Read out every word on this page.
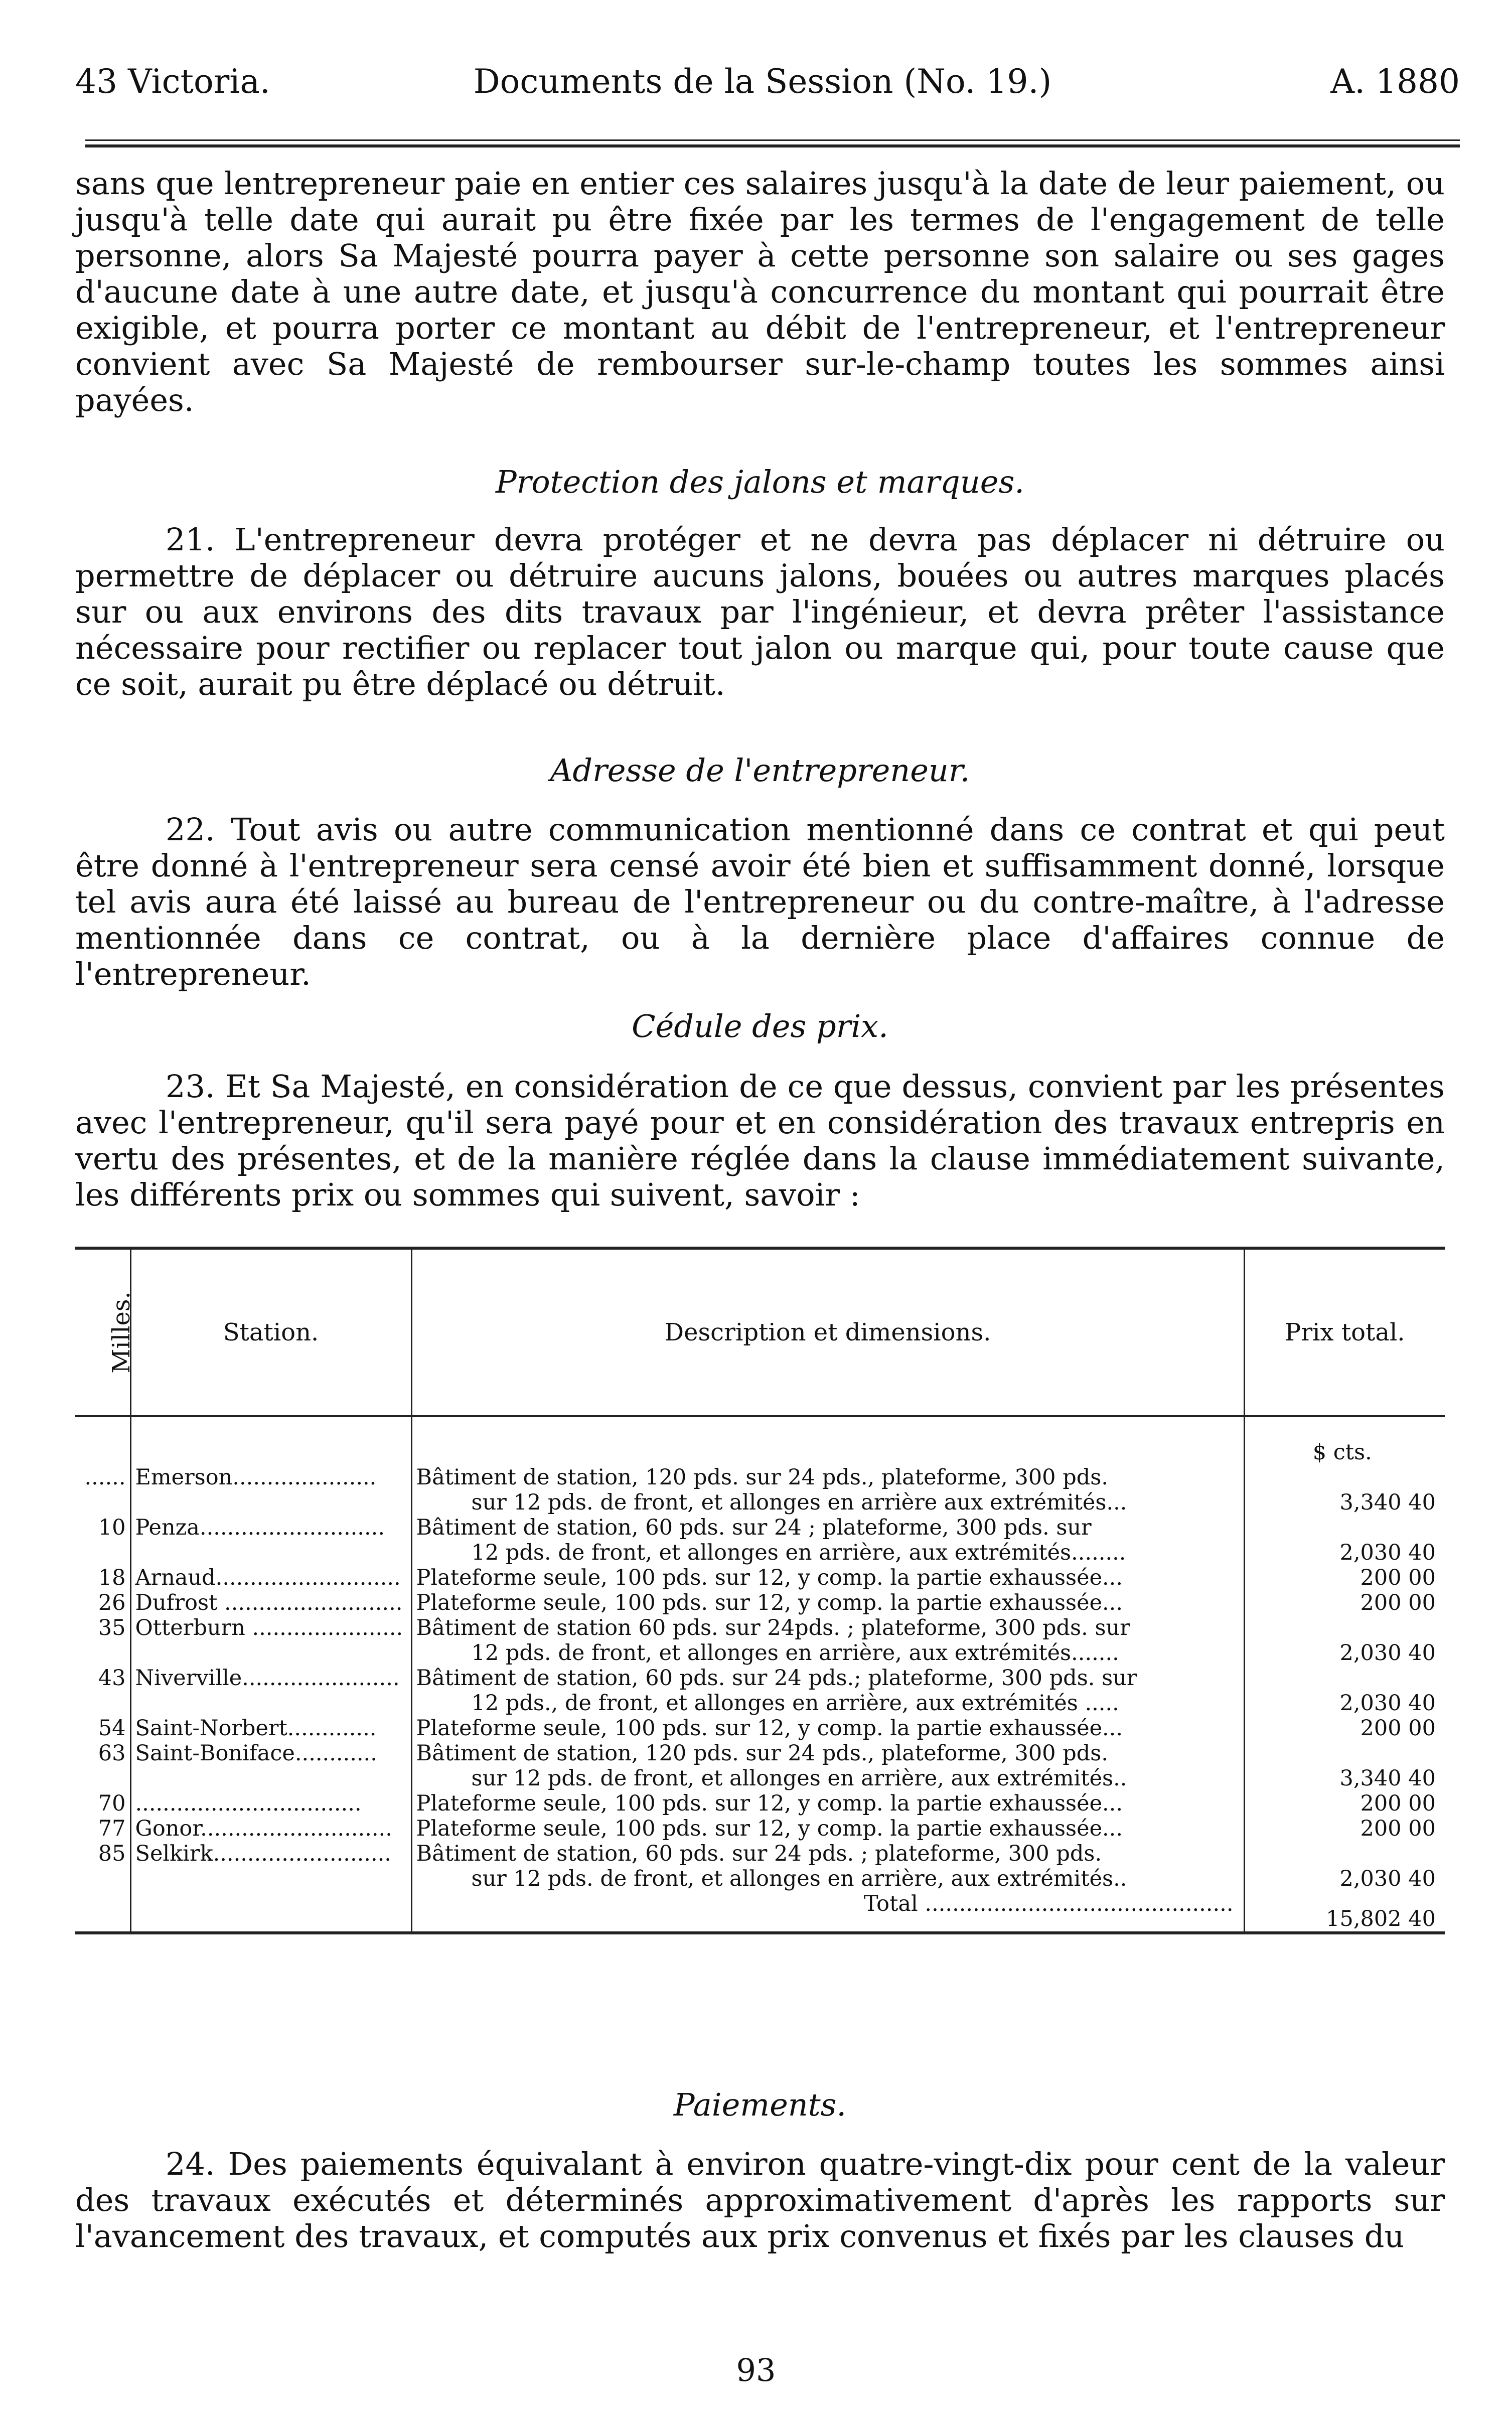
43 Victoria.	Documents de la Session (No. 19.)	A. 1880

sans que lentrepreneur paie en entier ces salaires jusqu'à la date de leur paiement, ou jusqu'à telle date qui aurait pu être fixée par les termes de l'engagement de telle personne, alors Sa Majesté pourra payer à cette personne son salaire ou ses gages d'aucune date à une autre date, et jusqu'à concurrence du montant qui pourrait être exigible, et pourra porter ce montant au débit de l'entrepreneur, et l'entrepreneur convient avec Sa Majesté de rembourser sur-le-champ toutes les sommes ainsi payées.

Protection des jalons et marques.

21. L'entrepreneur devra protéger et ne devra pas déplacer ni détruire ou permettre de déplacer ou détruire aucuns jalons, bouées ou autres marques placés sur ou aux environs des dits travaux par l'ingénieur, et devra prêter l'assistance nécessaire pour rectifier ou replacer tout jalon ou marque qui, pour toute cause que ce soit, aurait pu être déplacé ou détruit.

Adresse de l'entrepreneur.

22. Tout avis ou autre communication mentionné dans ce contrat et qui peut être donné à l'entrepreneur sera censé avoir été bien et suffisamment donné, lorsque tel avis aura été laissé au bureau de l'entrepreneur ou du contre-maître, à l'adresse mentionnée dans ce contrat, ou à la dernière place d'affaires connue de l'entrepreneur.

Cédule des prix.

23. Et Sa Majesté, en considération de ce que dessus, convient par les présentes avec l'entrepreneur, qu'il sera payé pour et en considération des travaux entrepris en vertu des présentes, et de la manière réglée dans la clause immédiatement suivante, les différents prix ou sommes qui suivent, savoir :

Milles.	Station.	Description et dimensions.	Prix total.
			$ cts.
......	Emerson.....................	Bâtiment de station, 120 pds. sur 24 pds., plateforme, 300 pds.
sur 12 pds. de front, et allonges en arrière aux extrémités...	3,340 40
10	Penza...........................	Bâtiment de station, 60 pds. sur 24 ; plateforme, 300 pds. sur
12 pds. de front, et allonges en arrière, aux extrémités........	2,030 40
18	Arnaud...........................	Plateforme seule, 100 pds. sur 12, y comp. la partie exhaussée...	200 00
26	Dufrost ..........................	Plateforme seule, 100 pds. sur 12, y comp. la partie exhaussée...	200 00
35	Otterburn ......................	Bâtiment de station 60 pds. sur 24pds. ; plateforme, 300 pds. sur
12 pds. de front, et allonges en arrière, aux extrémités.......	2,030 40
43	Niverville.......................	Bâtiment de station, 60 pds. sur 24 pds.; plateforme, 300 pds. sur
12 pds., de front, et allonges en arrière, aux extrémités .....	2,030 40
54	Saint-Norbert.............	Plateforme seule, 100 pds. sur 12, y comp. la partie exhaussée...	200 00
63	Saint-Boniface............	Bâtiment de station, 120 pds. sur 24 pds., plateforme, 300 pds.
sur 12 pds. de front, et allonges en arrière, aux extrémités..	3,340 40
70	.................................	Plateforme seule, 100 pds. sur 12, y comp. la partie exhaussée...	200 00
77	Gonor............................	Plateforme seule, 100 pds. sur 12, y comp. la partie exhaussée...	200 00
85	Selkirk..........................	Bâtiment de station, 60 pds. sur 24 pds. ; plateforme, 300 pds.
sur 12 pds. de front, et allonges en arrière, aux extrémités..	2,030 40
		Total .............................................	15,802 40
Paiements.

24. Des paiements équivalant à environ quatre-vingt-dix pour cent de la valeur des travaux exécutés et déterminés approximativement d'après les rapports sur l'avancement des travaux, et computés aux prix convenus et fixés par les clauses du

93
